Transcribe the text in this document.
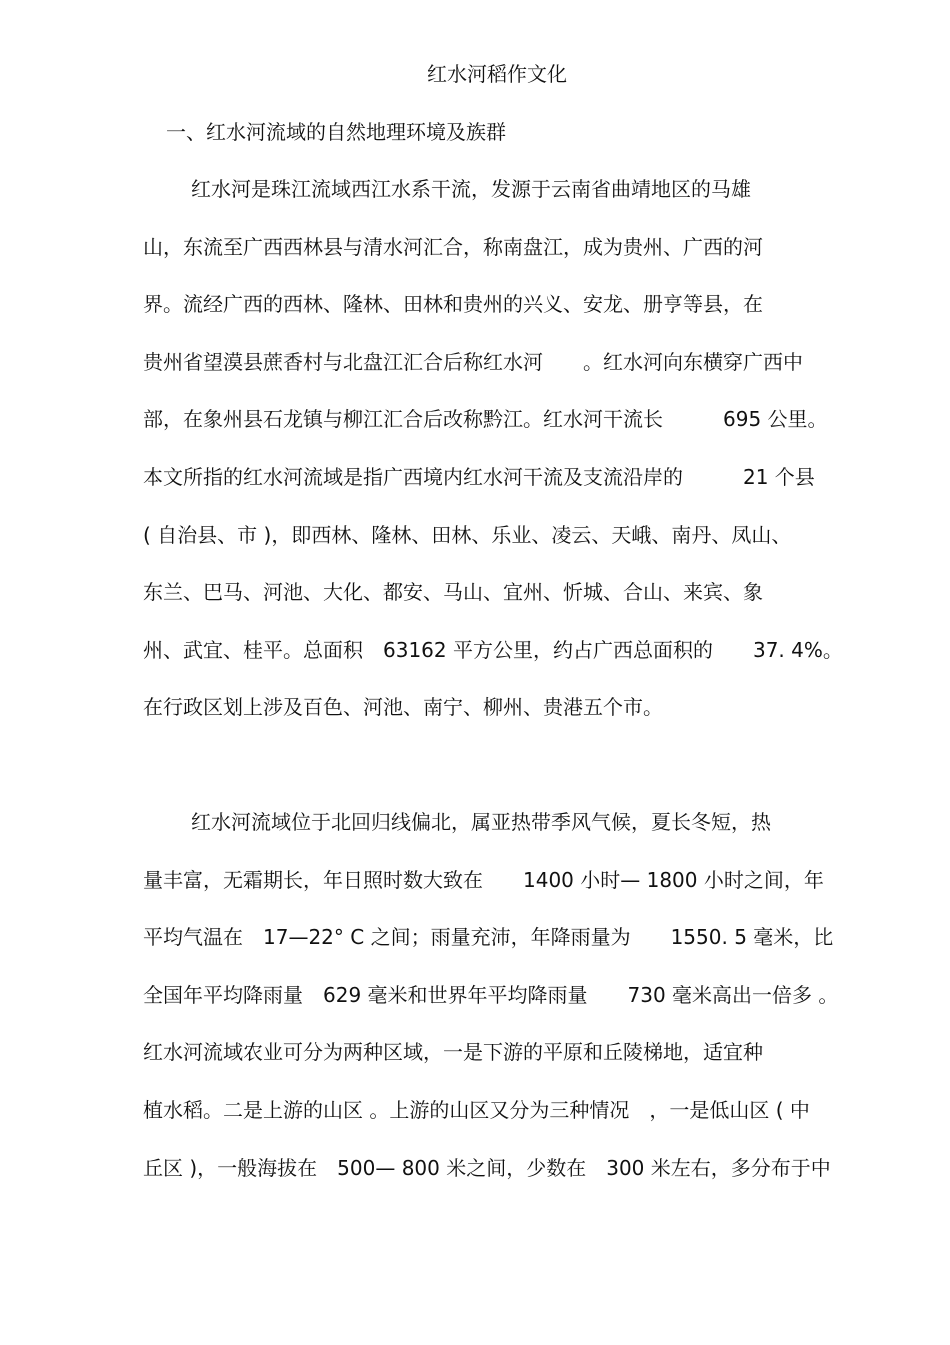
红水河稻作文化
一、红水河流域的自然地理环境及族群
红水河是珠江流域西江水系干流，发源于云南省曲靖地区的马雄
山，东流至广西西林县与清水河汇合，称南盘江，成为贵州、广西的河
界。流经广西的西林、隆林、田林和贵州的兴义、安龙、册亨等县，在
贵州省望漠县蔗香村与北盘江汇合后称红水河　　。红水河向东横穿广西中
部，在象州县石龙镇与柳江汇合后改称黔江。红水河干流长　　　695 公里。
本文所指的红水河流域是指广西境内红水河干流及支流沿岸的　　　21 个县
( 自治县、市 )，即西林、隆林、田林、乐业、凌云、天峨、南丹、凤山、
东兰、巴马、河池、大化、都安、马山、宜州、忻城、合山、来宾、象
州、武宜、桂平。总面积　63162 平方公里，约占广西总面积的　　37. 4%。
在行政区划上涉及百色、河池、南宁、柳州、贵港五个市。
红水河流域位于北回归线偏北，属亚热带季风气候，夏长冬短，热
量丰富，无霜期长，年日照时数大致在　　1400 小时— 1800 小时之间，年
平均气温在　17—22° C 之间；雨量充沛，年降雨量为　　1550. 5 毫米，比
全国年平均降雨量　629 毫米和世界年平均降雨量　　730 毫米高出一倍多 。
红水河流域农业可分为两种区域，一是下游的平原和丘陵梯地，适宜种
植水稻。二是上游的山区 。上游的山区又分为三种情况　，一是低山区 ( 中
丘区 )，一般海拔在　500— 800 米之间，少数在　300 米左右，多分布于中
